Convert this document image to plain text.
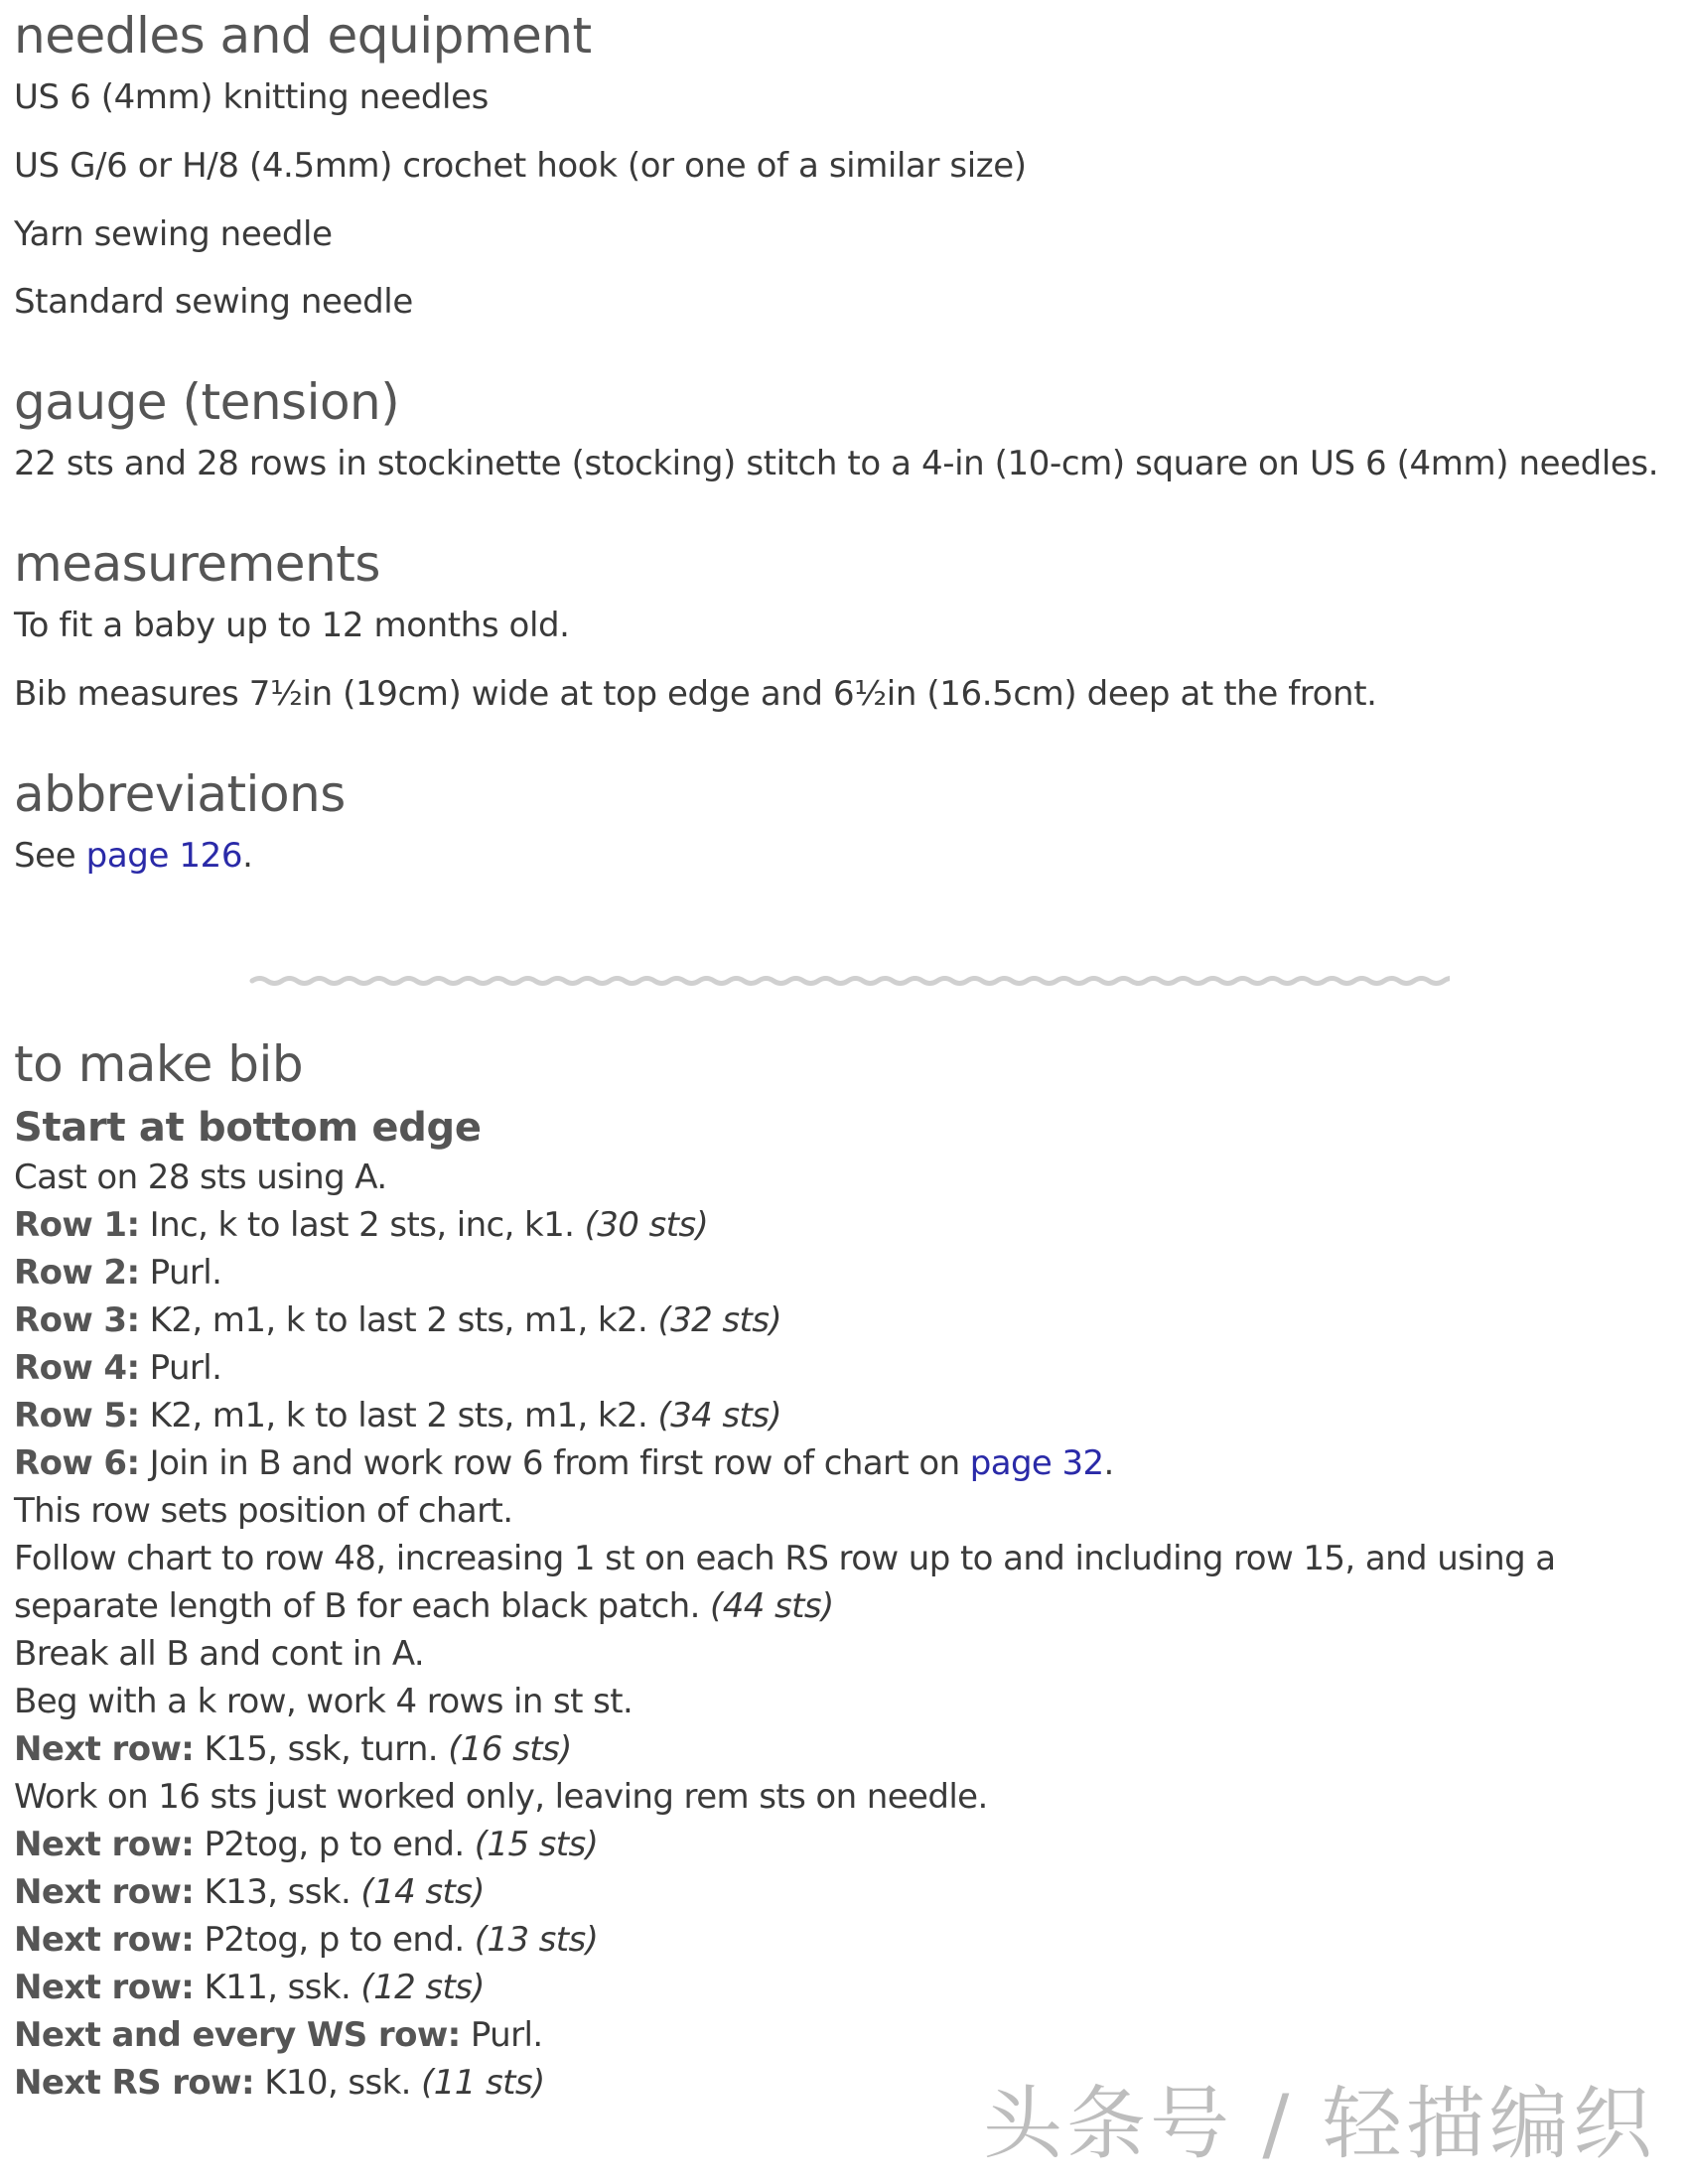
needles and equipment

US 6 (4mm) knitting needles

US G/6 or H/8 (4.5mm) crochet hook (or one of a similar size)

Yarn sewing needle

Standard sewing needle

gauge (tension)

22 sts and 28 rows in stockinette (stocking) stitch to a 4-in (10-cm) square on US 6 (4mm) needles.

measurements

To fit a baby up to 12 months old.

Bib measures 7½in (19cm) wide at top edge and 6½in (16.5cm) deep at the front.

abbreviations

See page 126.

to make bib

Start at bottom edge

Cast on 28 sts using A.

Row 1: Inc, k to last 2 sts, inc, k1. (30 sts)

Row 2: Purl.

Row 3: K2, m1, k to last 2 sts, m1, k2. (32 sts)

Row 4: Purl.

Row 5: K2, m1, k to last 2 sts, m1, k2. (34 sts)

Row 6: Join in B and work row 6 from first row of chart on page 32.

This row sets position of chart.

Follow chart to row 48, increasing 1 st on each RS row up to and including row 15, and using a separate length of B for each black patch. (44 sts)

Break all B and cont in A.

Beg with a k row, work 4 rows in st st.

Next row: K15, ssk, turn. (16 sts)

Work on 16 sts just worked only, leaving rem sts on needle.

Next row: P2tog, p to end. (15 sts)

Next row: K13, ssk. (14 sts)

Next row: P2tog, p to end. (13 sts)

Next row: K11, ssk. (12 sts)

Next and every WS row: Purl.

Next RS row: K10, ssk. (11 sts)	头条号 / 轻描编织
